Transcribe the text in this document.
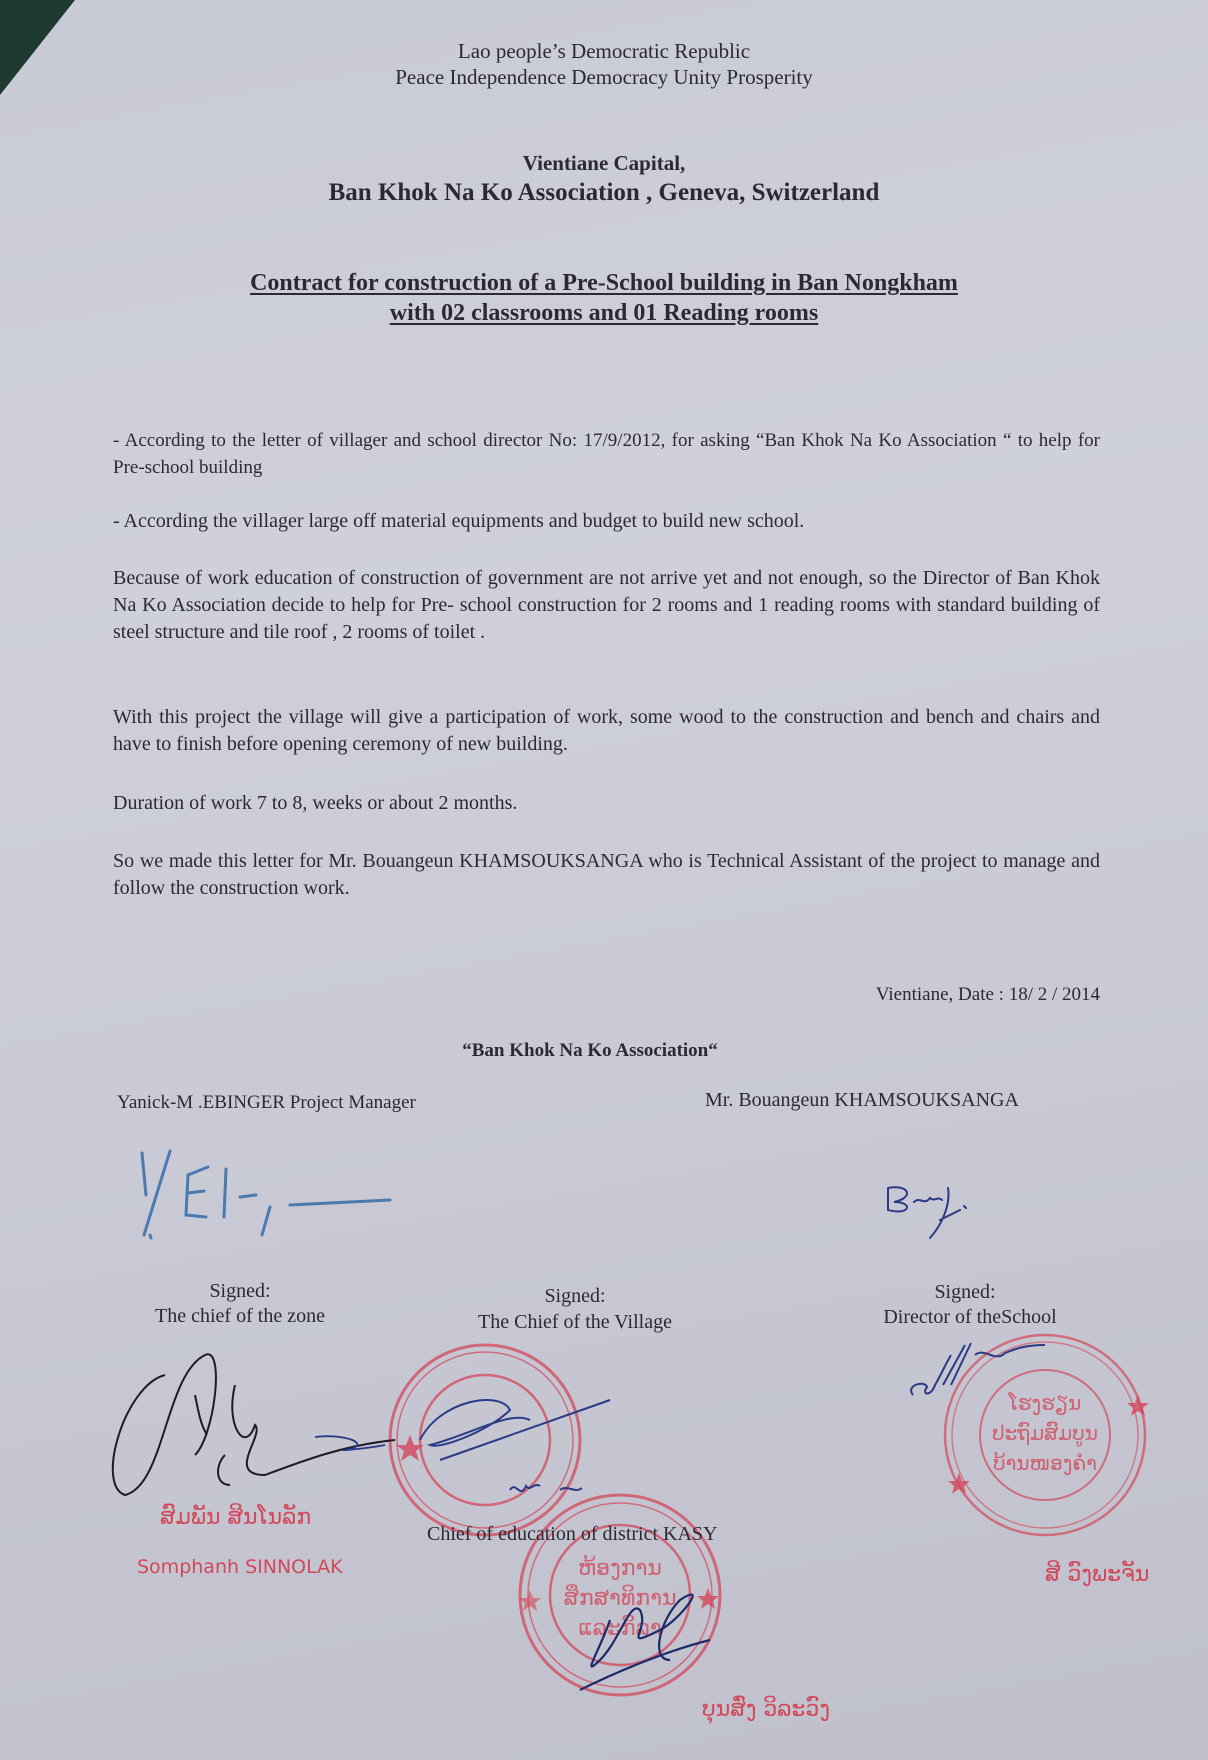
Lao people’s Democratic Republic
Peace Independence Democracy Unity Prosperity
Vientiane Capital,
Ban Khok Na Ko Association , Geneva, Switzerland
Contract for construction of a Pre-School building in Ban Nongkham
with 02 classrooms and 01 Reading rooms

- According to the letter of villager and school director No: 17/9/2012, for asking “Ban Khok Na Ko Association “ to help for Pre-school building

- According the villager large off material equipments and budget to build new school.

Because of work education of construction of government are not arrive yet and not enough, so the Director of Ban Khok Na Ko Association decide to help for Pre- school construction for 2 rooms and 1 reading rooms with standard building of steel structure and tile roof , 2 rooms of toilet .

With this project the village will give a participation of work, some wood to the construction and bench and chairs and have to finish before opening ceremony of new building.

Duration of work 7 to 8, weeks or about 2 months.

So we made this letter for Mr. Bouangeun KHAMSOUKSANGA who is Technical Assistant of the project to manage and follow the construction work.

Vientiane, Date : 18/ 2 / 2014
“Ban Khok Na Ko Association“
Yanick-M .EBINGER Project Manager	Mr. Bouangeun KHAMSOUKSANGA
Signed:
The chief of the zone
Signed:
The Chief of the Village
Signed:
Director of theSchool
ສົມພັນ ສິນໂນລັກ
Somphanh SINNOLAK	ຫ້ອງການ
ສຶກສາທິການ
ແລະກິລາ
Chief of education of district KASY
ບຸນສົ່ງ ວິລະວົງ
ໂຮງຮຽນ
ປະຖົມສົມບູນ
ບ້ານໜອງຄໍາ
ສີ ວົງພະຈັນ
